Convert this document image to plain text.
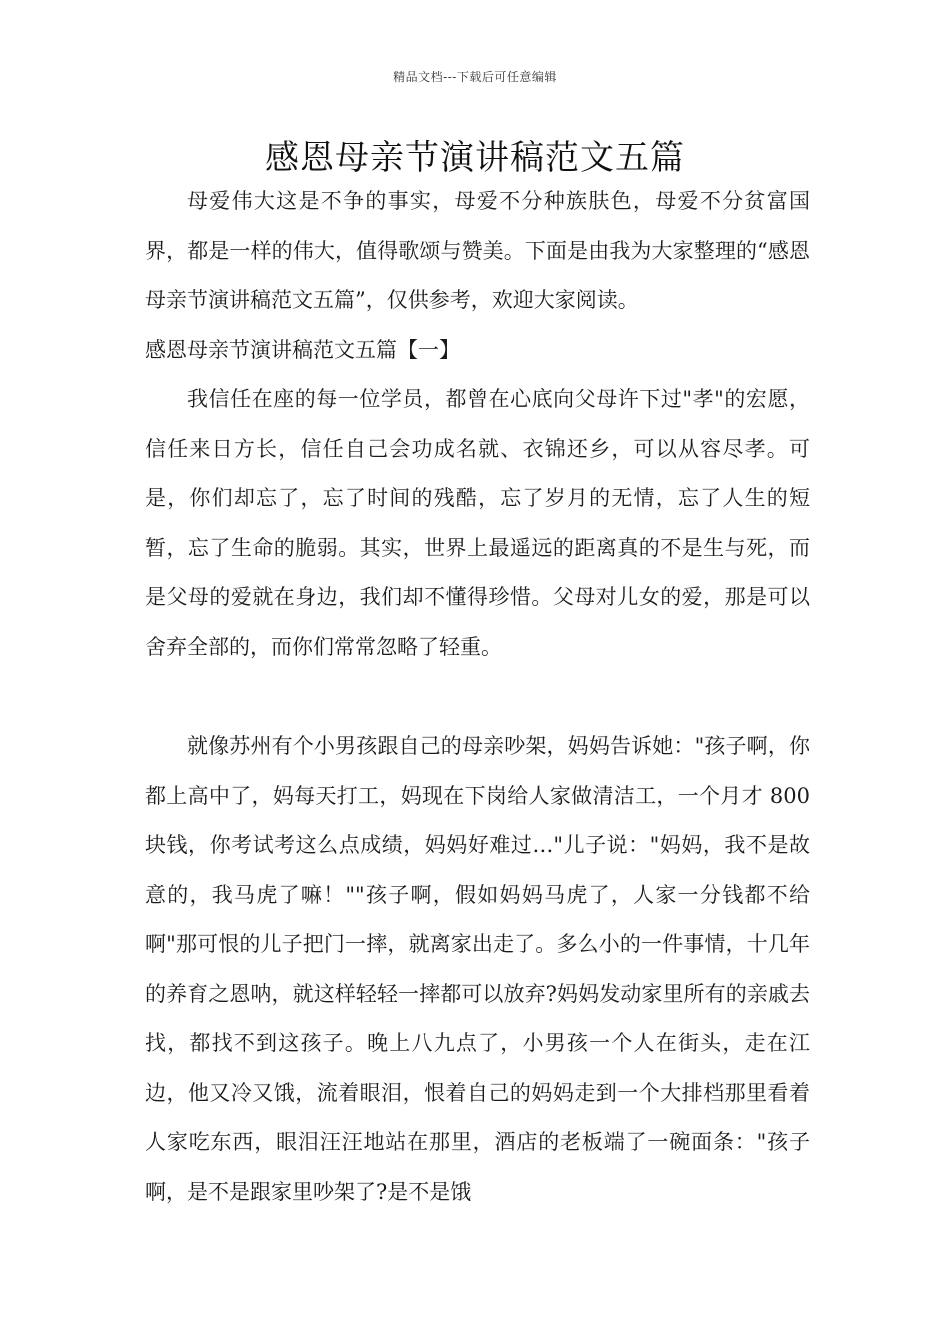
精品文档---下载后可任意编辑
感恩母亲节演讲稿范文五篇

母爱伟大这是不争的事实，母爱不分种族肤色，母爱不分贫富国界，都是一样的伟大，值得歌颂与赞美。下面是由我为大家整理的“感恩母亲节演讲稿范文五篇”，仅供参考，欢迎大家阅读。

感恩母亲节演讲稿范文五篇【一】

我信任在座的每一位学员，都曾在心底向父母许下过"孝"的宏愿，信任来日方长，信任自己会功成名就、衣锦还乡，可以从容尽孝。可是，你们却忘了，忘了时间的残酷，忘了岁月的无情，忘了人生的短暂，忘了生命的脆弱。其实，世界上最遥远的距离真的不是生与死，而是父母的爱就在身边，我们却不懂得珍惜。父母对儿女的爱，那是可以舍弃全部的，而你们常常忽略了轻重。

就像苏州有个小男孩跟自己的母亲吵架，妈妈告诉她："孩子啊，你都上高中了，妈每天打工，妈现在下岗给人家做清洁工，一个月才 800 块钱，你考试考这么点成绩，妈妈好难过…"儿子说："妈妈，我不是故意的，我马虎了嘛！""孩子啊，假如妈妈马虎了，人家一分钱都不给啊"那可恨的儿子把门一摔，就离家出走了。多么小的一件事情，十几年的养育之恩呐，就这样轻轻一摔都可以放弃?妈妈发动家里所有的亲戚去找，都找不到这孩子。晚上八九点了，小男孩一个人在街头，走在江边，他又冷又饿，流着眼泪，恨着自己的妈妈走到一个大排档那里看着人家吃东西，眼泪汪汪地站在那里，酒店的老板端了一碗面条："孩子啊，是不是跟家里吵架了?是不是饿
